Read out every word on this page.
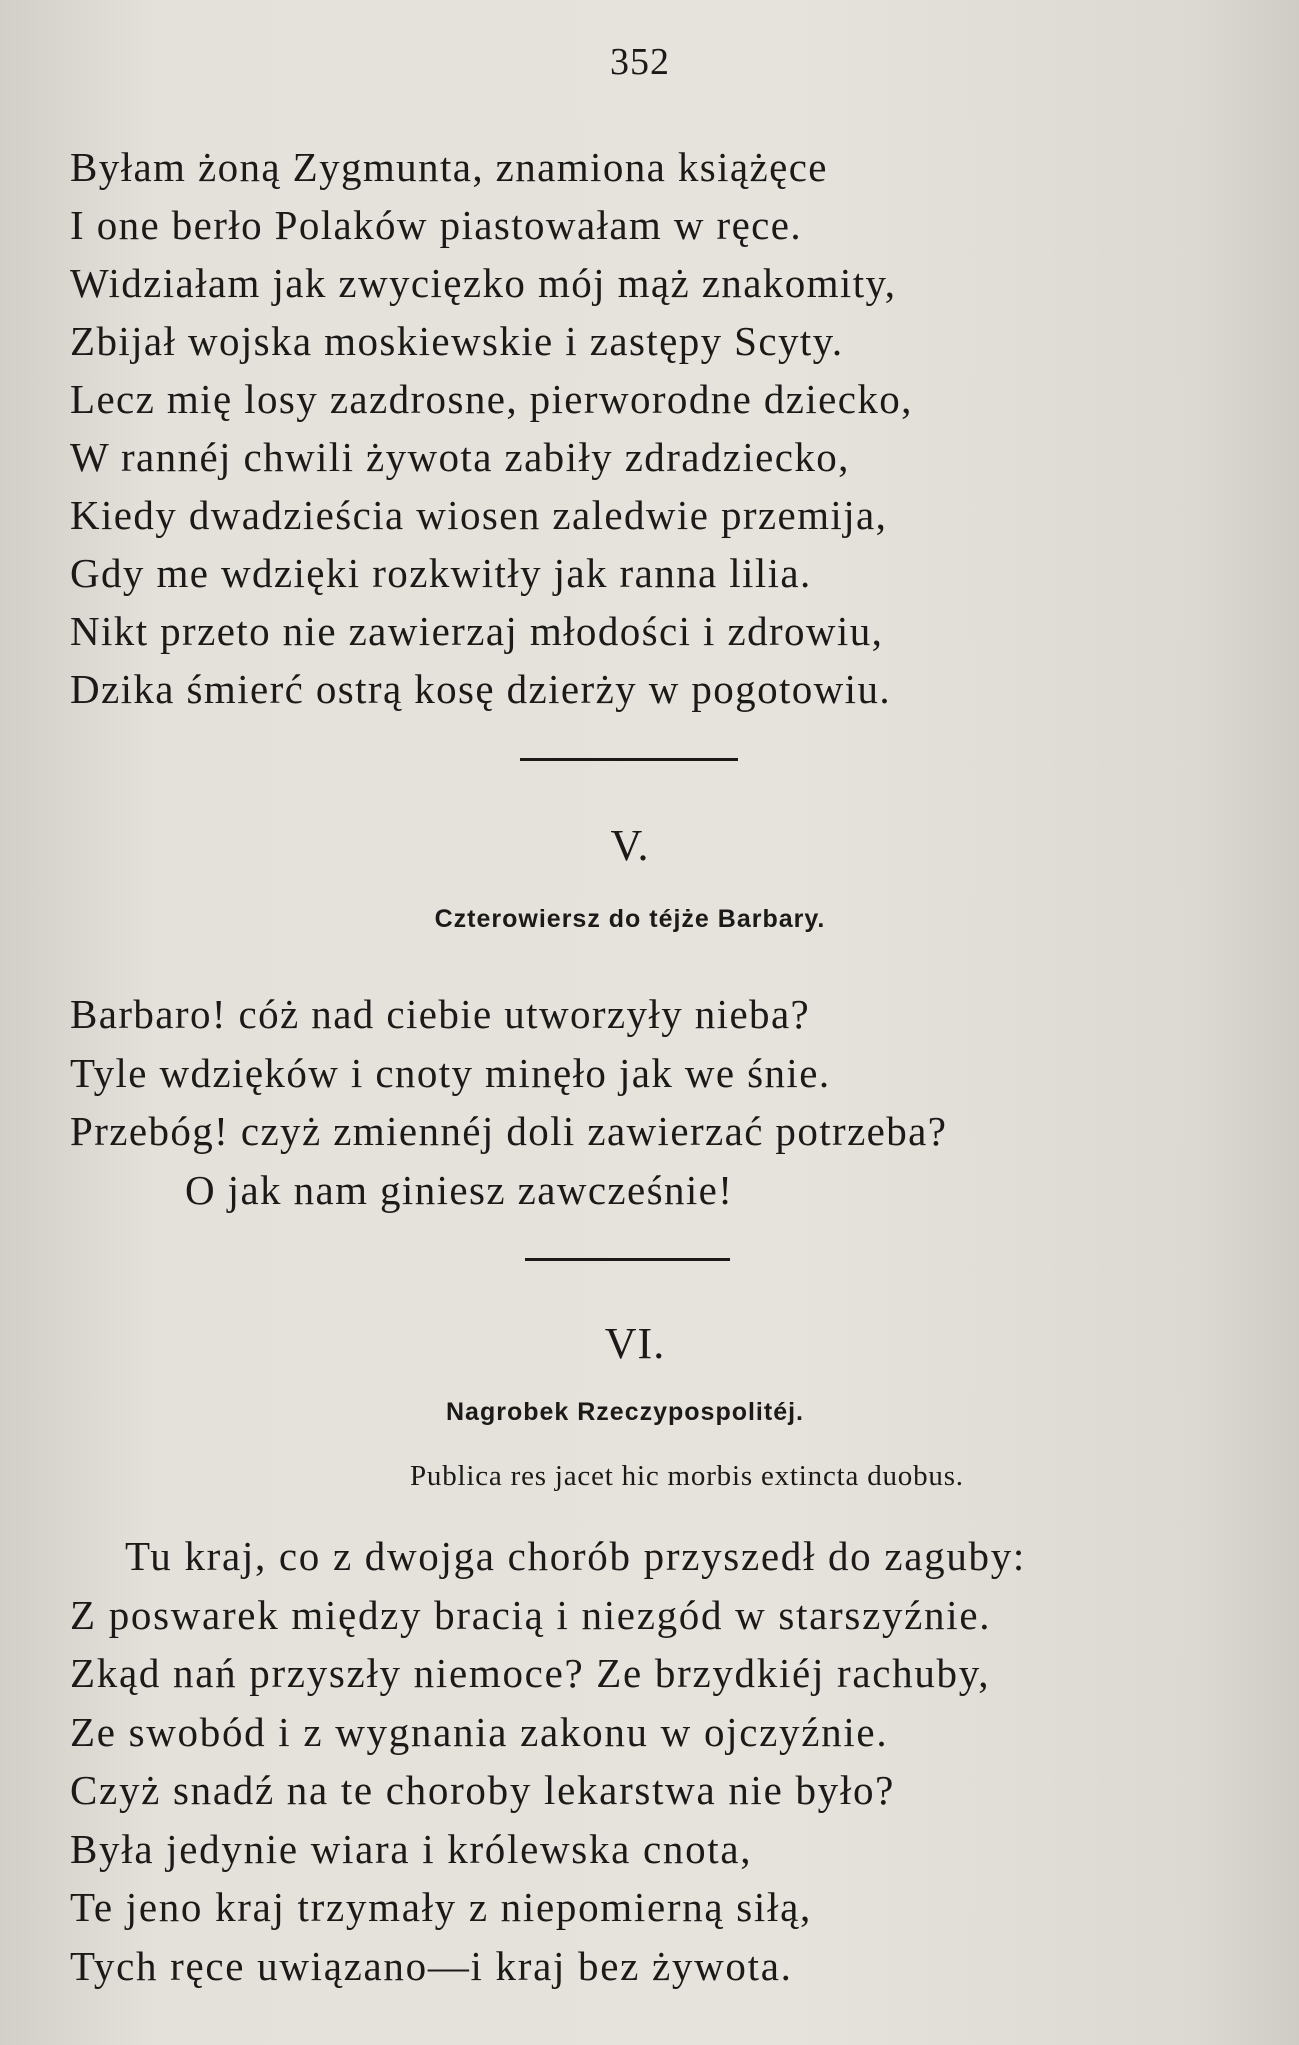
352
Byłam żoną Zygmunta, znamiona książęce
I one berło Polaków piastowałam w ręce.
Widziałam jak zwycięzko mój mąż znakomity,
Zbijał wojska moskiewskie i zastępy Scyty.
Lecz mię losy zazdrosne, pierworodne dziecko,
W rannéj chwili żywota zabiły zdradziecko,
Kiedy dwadzieścia wiosen zaledwie przemija,
Gdy me wdzięki rozkwitły jak ranna lilia.
Nikt przeto nie zawierzaj młodości i zdrowiu,
Dzika śmierć ostrą kosę dzierży w pogotowiu.
V.
Czterowiersz do téjże Barbary.
Barbaro! cóż nad ciebie utworzyły nieba?
Tyle wdzięków i cnoty minęło jak we śnie.
Przebóg! czyż zmiennéj doli zawierzać potrzeba?
O jak nam giniesz zawcześnie!
VI.
Nagrobek Rzeczypospolitéj.
Publica res jacet hic morbis extincta duobus.
Tu kraj, co z dwojga chorób przyszedł do zaguby:
Z poswarek między bracią i niezgód w starszyźnie.
Zkąd nań przyszły niemoce? Ze brzydkiéj rachuby,
Ze swobód i z wygnania zakonu w ojczyźnie.
Czyż snadź na te choroby lekarstwa nie było?
Była jedynie wiara i królewska cnota,
Te jeno kraj trzymały z niepomierną siłą,
Tych ręce uwiązano—i kraj bez żywota.
